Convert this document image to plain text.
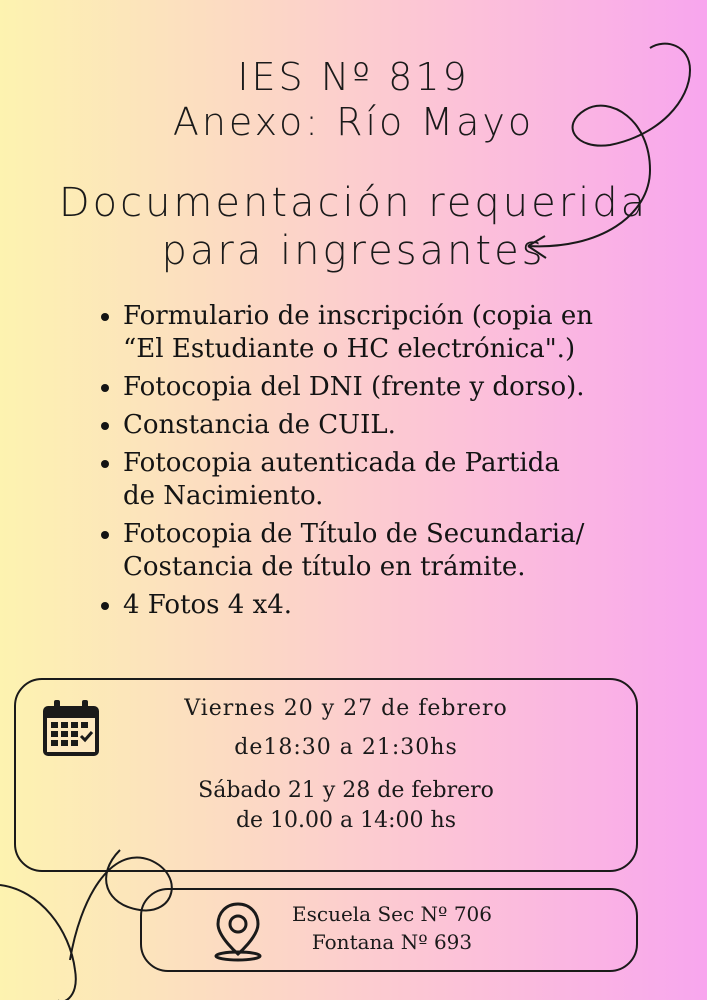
IES Nº 819
Anexo: Río Mayo
Documentación requerida
para ingresantes
• Formulario de inscripción (copia en
“El Estudiante o HC electrónica".)
• Fotocopia del DNI (frente y dorso).
• Constancia de CUIL.
• Fotocopia autenticada de Partida
de Nacimiento.
• Fotocopia de Título de Secundaria/
Costancia de título en trámite.
• 4 Fotos 4 x4.
Viernes 20 y 27 de febrero
de18:30 a 21:30hs
Sábado 21 y 28 de febrero
de 10.00 a 14:00 hs
Escuela Sec Nº 706
Fontana Nº 693
